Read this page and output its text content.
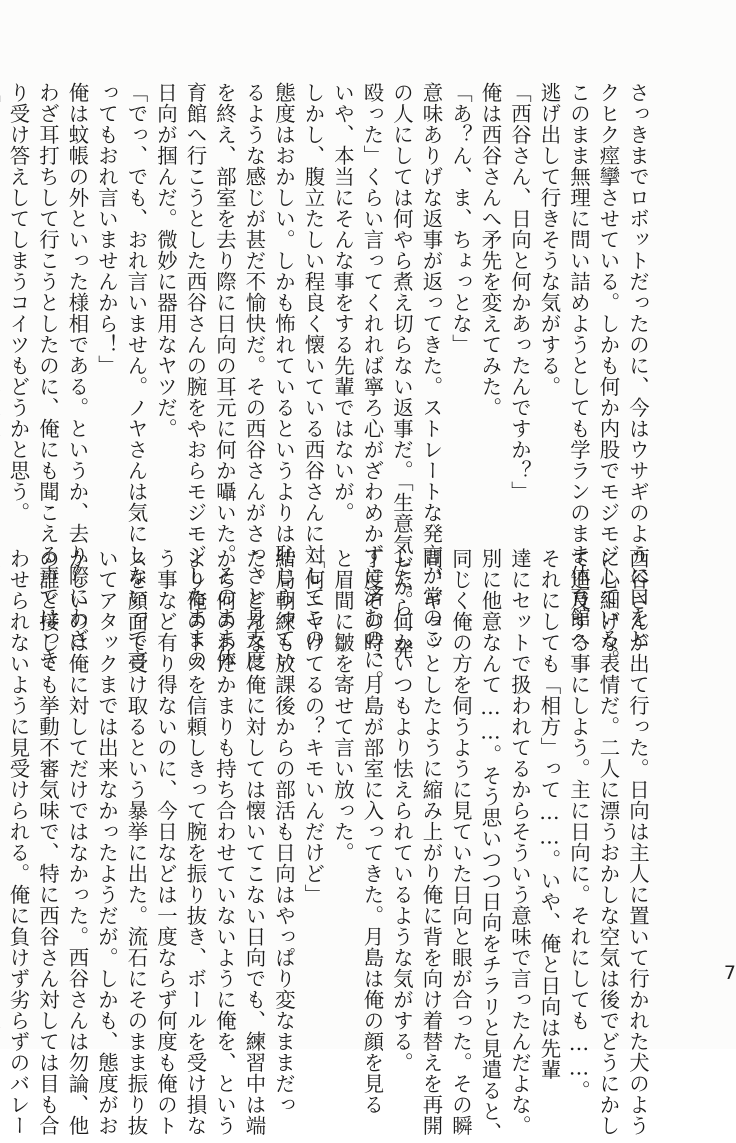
さっきまでロボットだったのに、今はウサギのように口をヒ
クヒク痙攣させている。しかも何か内股でモジモジしている。
このまま無理に問い詰めようとしても学ランのまま体育館へ
逃げ出して行きそうな気がする。
「西谷さん、日向と何かあったんですか？」
俺は西谷さんへ矛先を変えてみた。
「あ？ん、ま、ちょっとな」
意味ありげな返事が返ってきた。ストレートな発言が常のこ
の人にしては何やら煮え切らない返事だ。「生意気だから一発
殴った」くらい言ってくれれば寧ろ心がざわめかずに済むのに。
いや、本当にそんな事をする先輩ではないが。
しかし、腹立たしい程良く懐いている西谷さんに対してこの
態度はおかしい。しかも怖れているというよりは恥じらってい
るような感じが甚だ不愉快だ。その西谷さんがさっさと身支度
を終え、部室を去り際に日向の耳元に何か囁いた。そのまま体
育館へ行こうとした西谷さんの腕をやおらモジモジしたままの
日向が掴んだ。微妙に器用なヤツだ。
「でっ、でも、おれ言いません。ノヤさんは気にしないって言
ってもおれ言いませんから！」
俺は蚊帳の外といった様相である。というか、去り際にわざ
わざ耳打ちして行こうとしたのに、俺にも聞こえる声ではっき
り受け答えしてしまうコイツもどうかと思う。
西谷さんが出て行った。日向は主人に置いて行かれた犬のよう
に心細げな表情だ。二人に漂うおかしな空気は後でどうにかし
て追及する事にしよう。主に日向に。それにしても……。
それにしても「相方」って……。いや、俺と日向は先輩
達にセットで扱われてるからそういう意味で言ったんだよな。
別に他意なんて……。そう思いつつ日向をチラリと見遣ると、
同じく俺の方を伺うように見ていた日向と眼が合った。その瞬
間、ギョッとしたように縮み上がり俺に背を向け着替えを再開
した。何かいつもより怯えられているような気がする。
丁度その時、月島が部室に入ってきた。月島は俺の顔を見る
と眉間に皺を寄せて言い放った。
「何ニヤけてるの？キモいんだけど」
結局朝練も放課後からの部活も日向はやっぱり変なままだっ
た。どんなに俺に対しては懐いてこない日向でも、練習中は端
から何のわだかまりも持ち合わせていないように俺を、という
より俺のトスを信頼しきって腕を振り抜き、ボールを受け損な
う事など有り得ないのに、今日などは一度ならず何度も俺のト
スを顔面で受け取るという暴挙に出た。流石にそのまま振り抜
いてアタックまでは出来なかったようだが。しかも、態度がお
かしいのは俺に対してだけではなかった。西谷さんは勿論、他
の誰と接しても挙動不審気味で、特に西谷さん対しては目も合
わせられないように見受けられる。俺に負けず劣らずのバレー	7
